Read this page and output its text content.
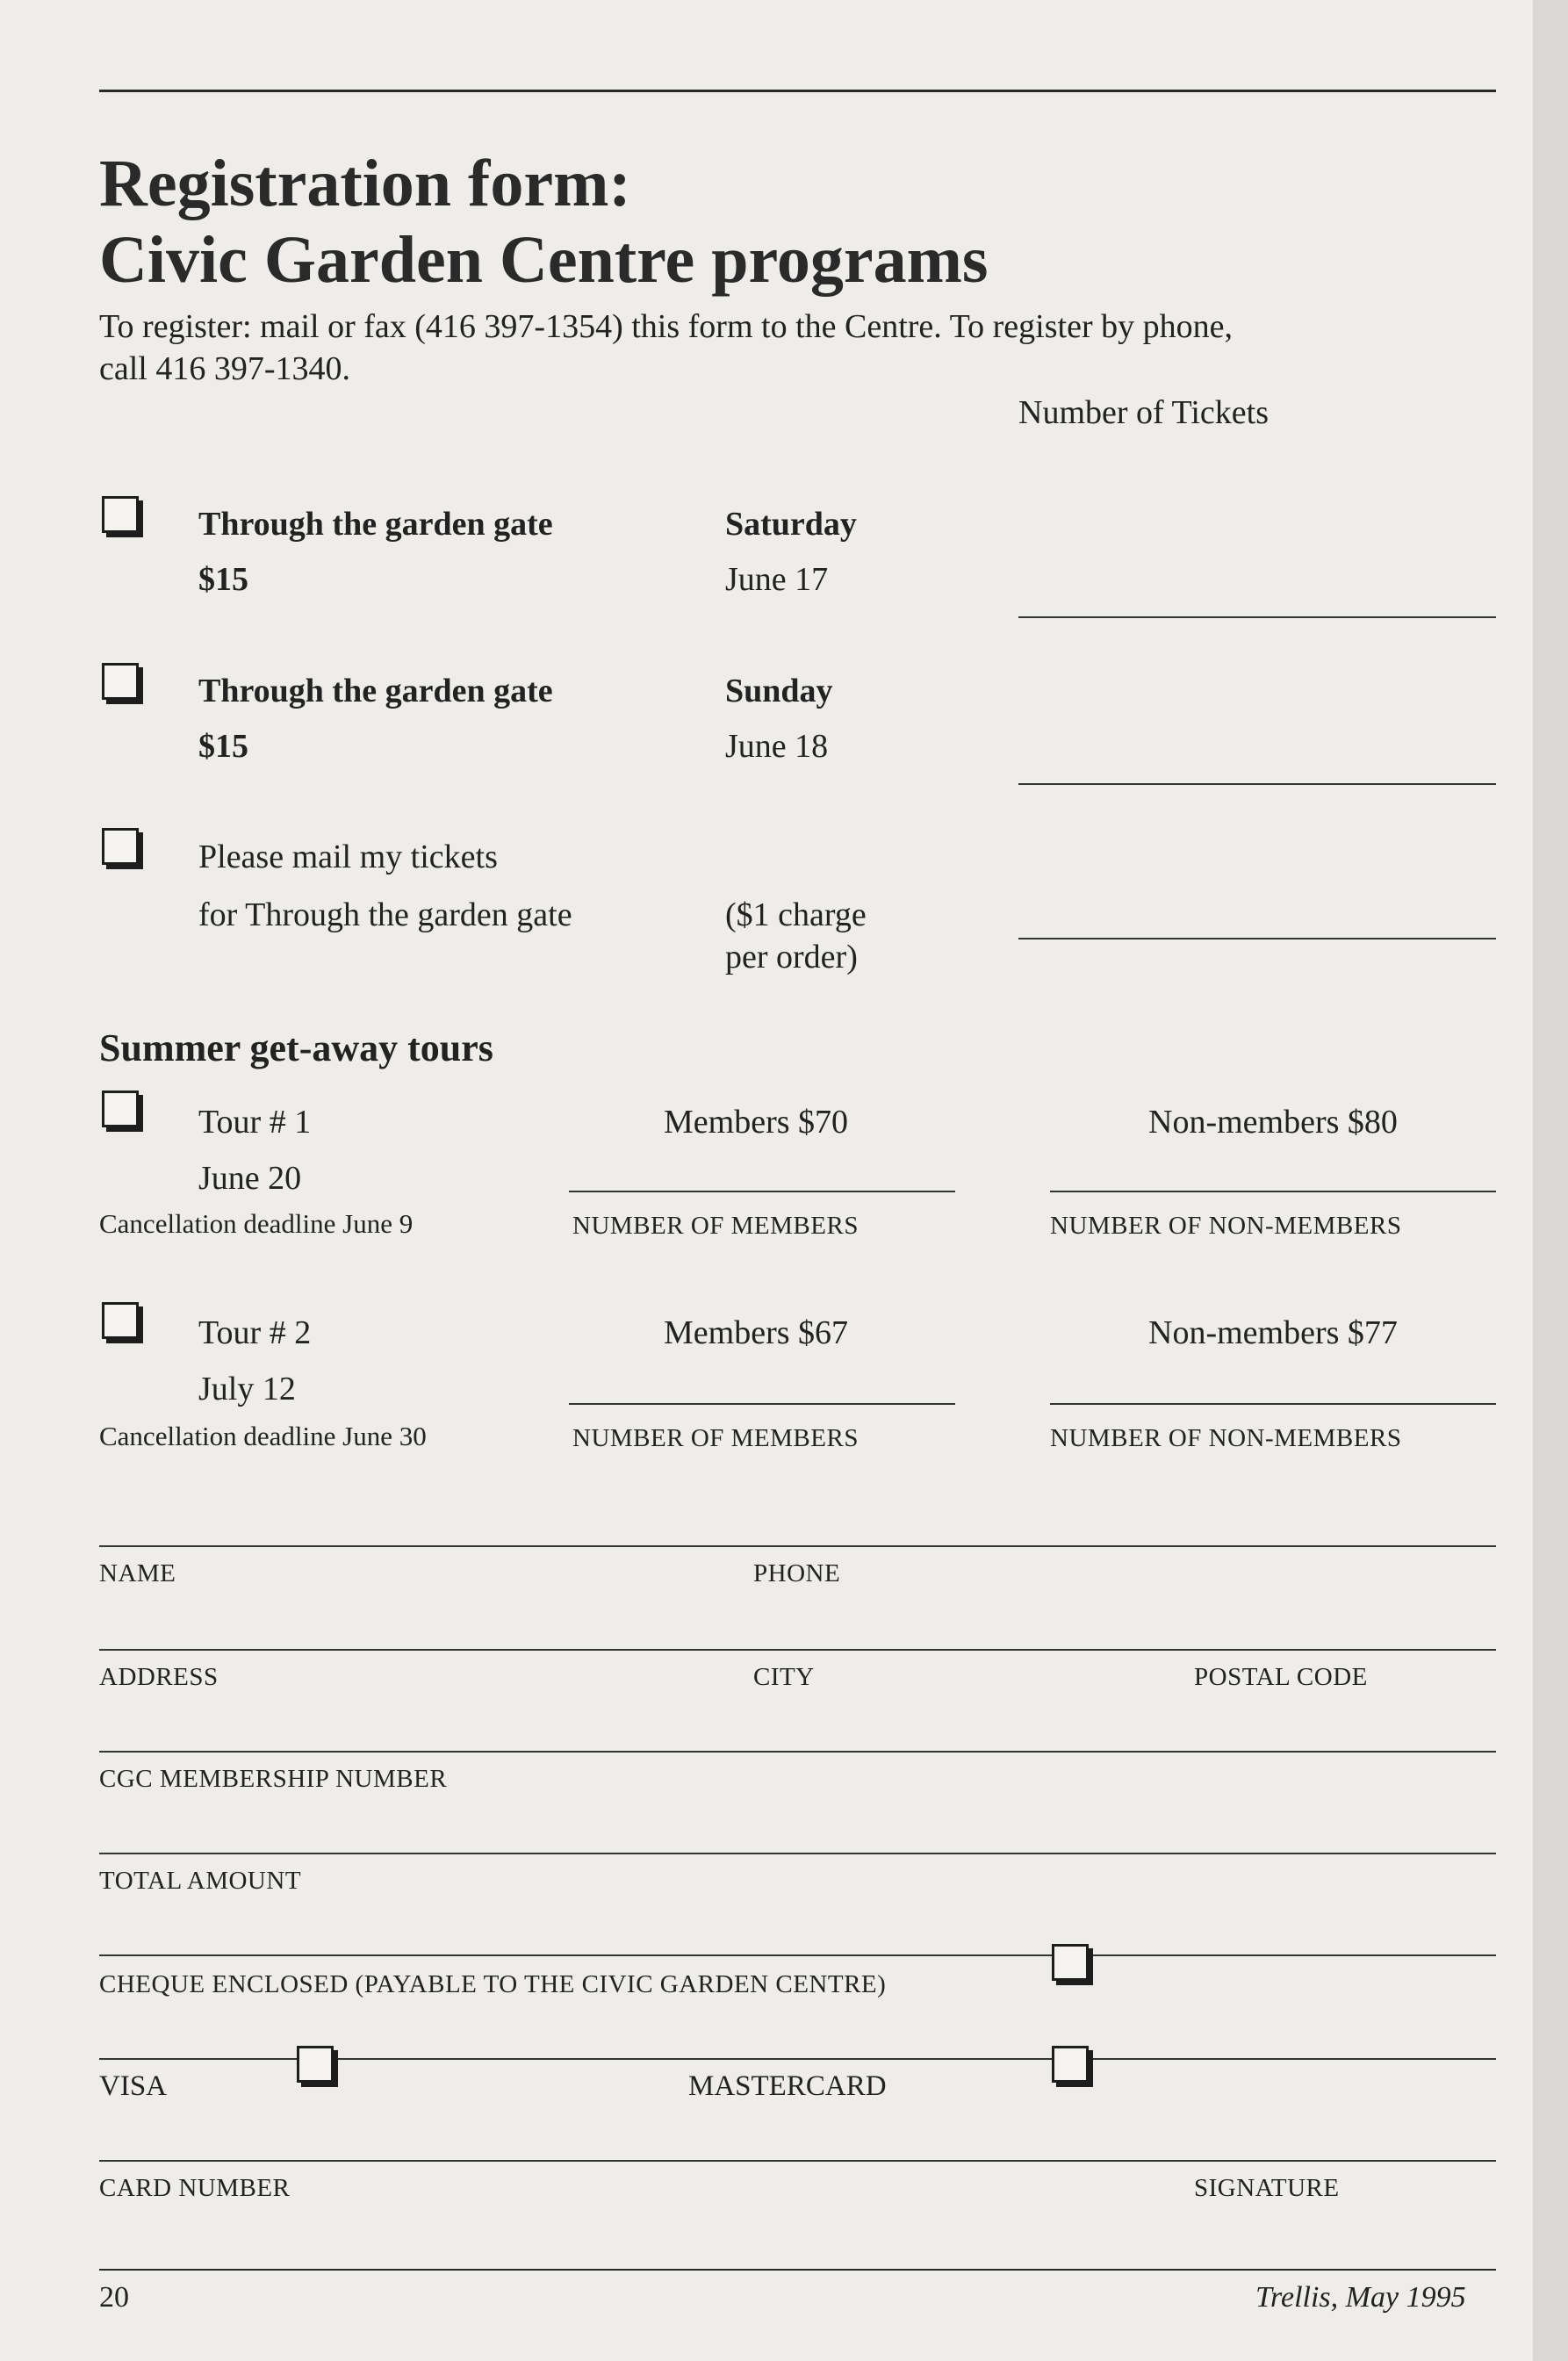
Registration form:
Civic Garden Centre programs
To register: mail or fax (416 397-1354) this form to the Centre. To register by phone,
call 416 397-1340.
Number of Tickets
Through the garden gate	Saturday
$15	June 17
Through the garden gate	Sunday
$15	June 18
Please mail my tickets
for Through the garden gate	($1 charge
per order)
Summer get-away tours
Tour # 1	Members $70	Non-members $80
June 20
Cancellation deadline June 9	NUMBER OF MEMBERS	NUMBER OF NON-MEMBERS
Tour # 2	Members $67	Non-members $77
July 12
Cancellation deadline June 30	NUMBER OF MEMBERS	NUMBER OF NON-MEMBERS
NAME	PHONE
ADDRESS	CITY	POSTAL CODE
CGC MEMBERSHIP NUMBER
TOTAL AMOUNT
CHEQUE ENCLOSED (PAYABLE TO THE CIVIC GARDEN CENTRE)
VISA	MASTERCARD
CARD NUMBER	SIGNATURE
20	Trellis, May 1995
